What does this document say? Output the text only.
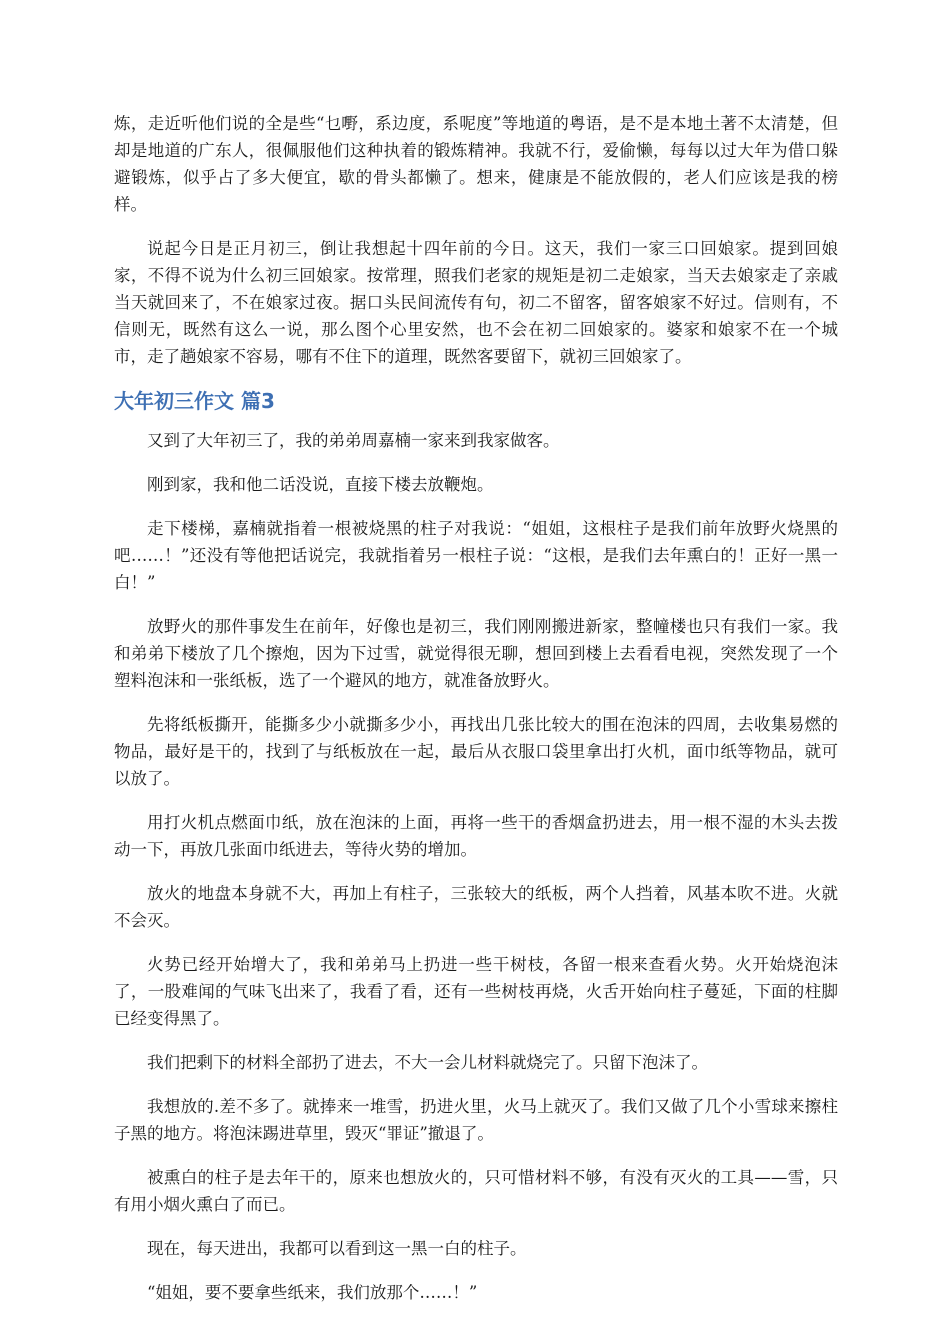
炼，走近听他们说的全是些“乜嘢，系边度，系呢度”等地道的粤语，是不是本地土著不太清楚，但却是地道的广东人，很佩服他们这种执着的锻炼精神。我就不行，爱偷懒，每每以过大年为借口躲避锻炼，似乎占了多大便宜，歇的骨头都懒了。想来，健康是不能放假的，老人们应该是我的榜样。

说起今日是正月初三，倒让我想起十四年前的今日。这天，我们一家三口回娘家。提到回娘家，不得不说为什么初三回娘家。按常理，照我们老家的规矩是初二走娘家，当天去娘家走了亲戚当天就回来了，不在娘家过夜。据口头民间流传有句，初二不留客，留客娘家不好过。信则有，不信则无，既然有这么一说，那么图个心里安然，也不会在初二回娘家的。婆家和娘家不在一个城市，走了趟娘家不容易，哪有不住下的道理，既然客要留下，就初三回娘家了。

大年初三作文 篇3

又到了大年初三了，我的弟弟周嘉楠一家来到我家做客。

刚到家，我和他二话没说，直接下楼去放鞭炮。

走下楼梯，嘉楠就指着一根被烧黑的柱子对我说：“姐姐，这根柱子是我们前年放野火烧黑的吧……！”还没有等他把话说完，我就指着另一根柱子说：“这根，是我们去年熏白的！正好一黑一白！”

放野火的那件事发生在前年，好像也是初三，我们刚刚搬进新家，整幢楼也只有我们一家。我和弟弟下楼放了几个擦炮，因为下过雪，就觉得很无聊，想回到楼上去看看电视，突然发现了一个塑料泡沫和一张纸板，选了一个避风的地方，就准备放野火。

先将纸板撕开，能撕多少小就撕多少小，再找出几张比较大的围在泡沫的四周，去收集易燃的物品，最好是干的，找到了与纸板放在一起，最后从衣服口袋里拿出打火机，面巾纸等物品，就可以放了。

用打火机点燃面巾纸，放在泡沫的上面，再将一些干的香烟盒扔进去，用一根不湿的木头去拨动一下，再放几张面巾纸进去，等待火势的增加。

放火的地盘本身就不大，再加上有柱子，三张较大的纸板，两个人挡着，风基本吹不进。火就不会灭。

火势已经开始增大了，我和弟弟马上扔进一些干树枝，各留一根来查看火势。火开始烧泡沫了，一股难闻的气味飞出来了，我看了看，还有一些树枝再烧，火舌开始向柱子蔓延，下面的柱脚已经变得黑了。

我们把剩下的材料全部扔了进去，不大一会儿材料就烧完了。只留下泡沫了。

我想放的.差不多了。就捧来一堆雪，扔进火里，火马上就灭了。我们又做了几个小雪球来擦柱子黑的地方。将泡沫踢进草里，毁灭“罪证”撤退了。

被熏白的柱子是去年干的，原来也想放火的，只可惜材料不够，有没有灭火的工具——雪，只有用小烟火熏白了而已。

现在，每天进出，我都可以看到这一黑一白的柱子。

“姐姐，要不要拿些纸来，我们放那个……！”
